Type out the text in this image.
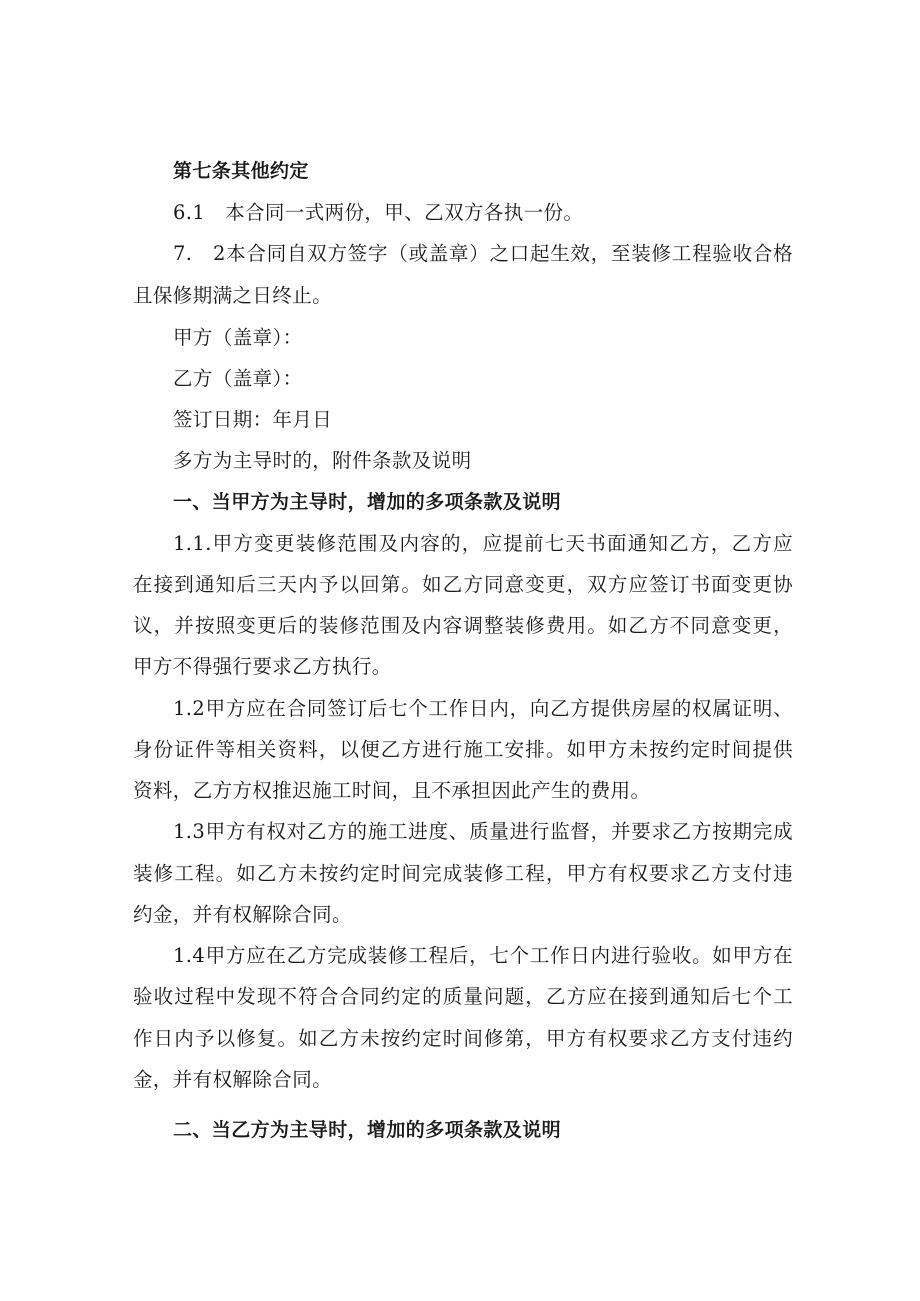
第七条其他约定
6.1　本合同一式两份，甲、乙双方各执一份。
7.　2本合同自双方签字（或盖章）之口起生效，至装修工程验收合格
且保修期满之日终止。
甲方（盖章）：
乙方（盖章）：
签订日期：年月日
多方为主导时的，附件条款及说明
一、当甲方为主导时，增加的多项条款及说明
1.1.甲方变更装修范围及内容的，应提前七天书面通知乙方，乙方应
在接到通知后三天内予以回第。如乙方同意变更，双方应签订书面变更协
议，并按照变更后的装修范围及内容调整装修费用。如乙方不同意变更，
甲方不得强行要求乙方执行。
1.2甲方应在合同签订后七个工作日内，向乙方提供房屋的权属证明、
身份证件等相关资料，以便乙方进行施工安排。如甲方未按约定时间提供
资料，乙方方权推迟施工时间，且不承担因此产生的费用。
1.3甲方有权对乙方的施工进度、质量进行监督，并要求乙方按期完成
装修工程。如乙方未按约定时间完成装修工程，甲方有权要求乙方支付违
约金，并有权解除合同。
1.4甲方应在乙方完成装修工程后，七个工作日内进行验收。如甲方在
验收过程中发现不符合合同约定的质量问题，乙方应在接到通知后七个工
作日内予以修复。如乙方未按约定时间修第，甲方有权要求乙方支付违约
金，并有权解除合同。
二、当乙方为主导时，增加的多项条款及说明
